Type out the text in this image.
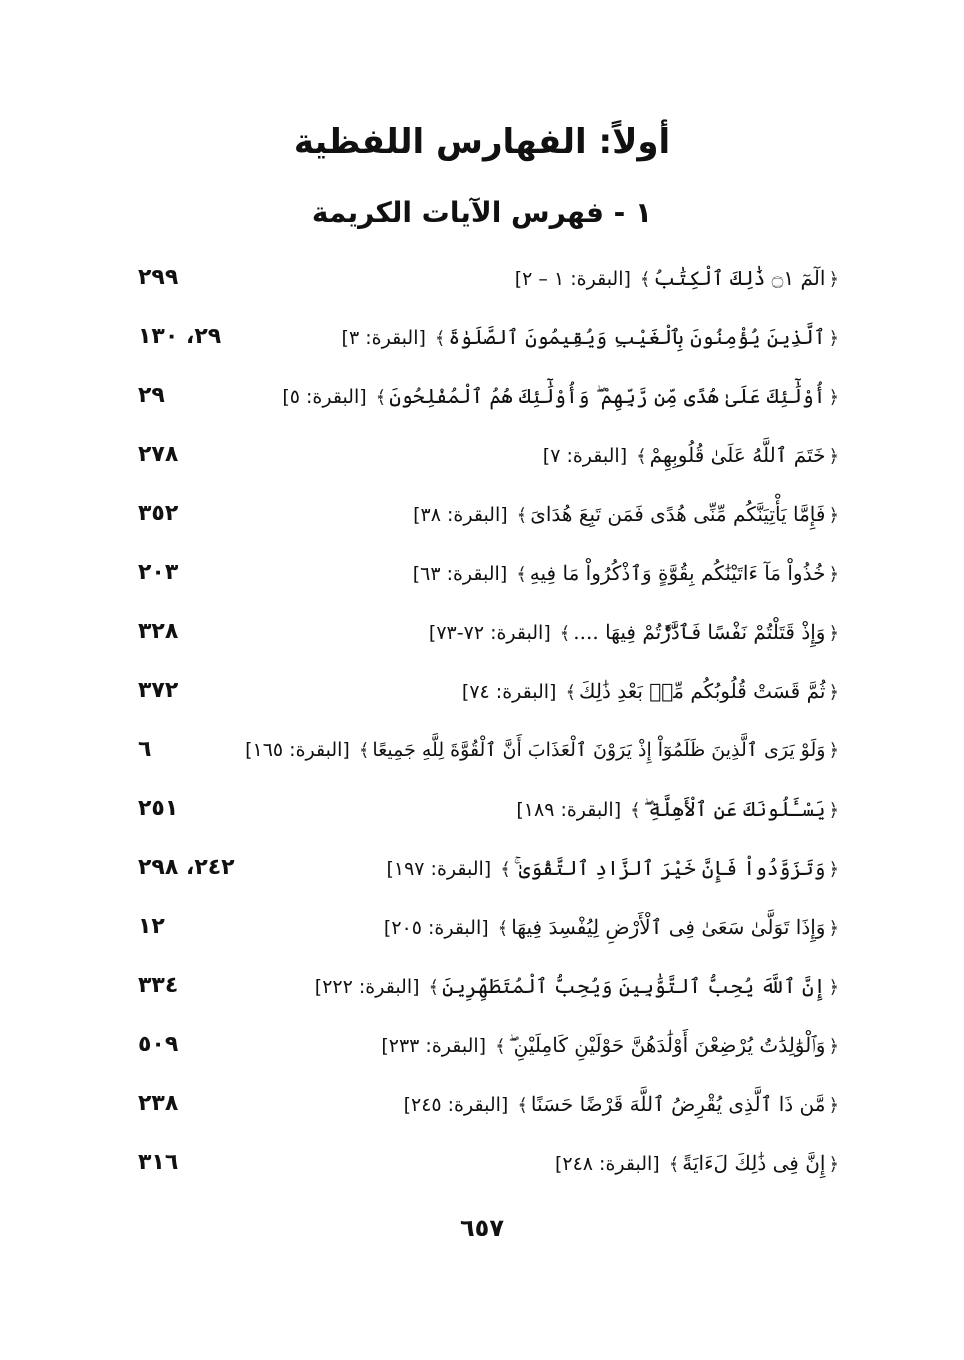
أولاً: الفهارس اللفظية
١ - فهرس الآيات الكريمة
﴿الٓمٓ ۝١ ذَٰلِكَ ٱلْكِتَٰبُ﴾[البقرة: ١ – ٢]
٢٩٩
﴿ٱلَّذِينَ يُؤْمِنُونَ بِٱلْغَيْبِ وَيُقِيمُونَ ٱلصَّلَوٰةَ﴾[البقرة: ٣]
٢٩، ١٣٠
﴿أُوْلَٰٓئِكَ عَلَىٰ هُدًى مِّن رَّبِّهِمْ ۖ وَأُوْلَٰٓئِكَ هُمُ ٱلْمُفْلِحُونَ﴾[البقرة: ٥]
٢٩
﴿خَتَمَ ٱللَّهُ عَلَىٰ قُلُوبِهِمْ﴾[البقرة: ٧]
٢٧٨
﴿فَإِمَّا يَأْتِيَنَّكُم مِّنِّى هُدًى فَمَن تَبِعَ هُدَاىَ﴾[البقرة: ٣٨]
٣٥٢
﴿خُذُواْ مَآ ءَاتَيْنَٰكُم بِقُوَّةٍ وَٱذْكُرُواْ مَا فِيهِ﴾[البقرة: ٦٣]
٢٠٣
﴿وَإِذْ قَتَلْتُمْ نَفْسًا فَٱدَّٰرَْٰٔتُمْ فِيهَا ....﴾[البقرة: ٧٢-٧٣]
٣٢٨
﴿ثُمَّ قَسَتْ قُلُوبُكُم مِّنۢ بَعْدِ ذَٰلِكَ﴾[البقرة: ٧٤]
٣٧٢
﴿وَلَوْ يَرَى ٱلَّذِينَ ظَلَمُوٓاْ إِذْ يَرَوْنَ ٱلْعَذَابَ أَنَّ ٱلْقُوَّةَ لِلَّهِ جَمِيعًا﴾[البقرة: ١٦٥]
٦
﴿يَسْـَٔلُونَكَ عَنِ ٱلْأَهِلَّةِ ۖ﴾[البقرة: ١٨٩]
٢٥١
﴿وَتَزَوَّدُواْ فَإِنَّ خَيْرَ ٱلزَّادِ ٱلتَّقْوَىٰ ۚ﴾[البقرة: ١٩٧]
٢٤٢، ٢٩٨
﴿وَإِذَا تَوَلَّىٰ سَعَىٰ فِى ٱلْأَرْضِ لِيُفْسِدَ فِيهَا﴾[البقرة: ٢٠٥]
١٢
﴿إِنَّ ٱللَّهَ يُحِبُّ ٱلتَّوَّٰبِينَ وَيُحِبُّ ٱلْمُتَطَهِّرِينَ﴾[البقرة: ٢٢٢]
٣٣٤
﴿وَٱلْوَٰلِدَٰتُ يُرْضِعْنَ أَوْلَٰدَهُنَّ حَوْلَيْنِ كَامِلَيْنِ ۖ﴾[البقرة: ٢٣٣]
٥٠٩
﴿مَّن ذَا ٱلَّذِى يُقْرِضُ ٱللَّهَ قَرْضًا حَسَنًا﴾[البقرة: ٢٤٥]
٢٣٨
﴿إِنَّ فِى ذَٰلِكَ لَءَايَةً﴾[البقرة: ٢٤٨]
٣١٦
٦٥٧
